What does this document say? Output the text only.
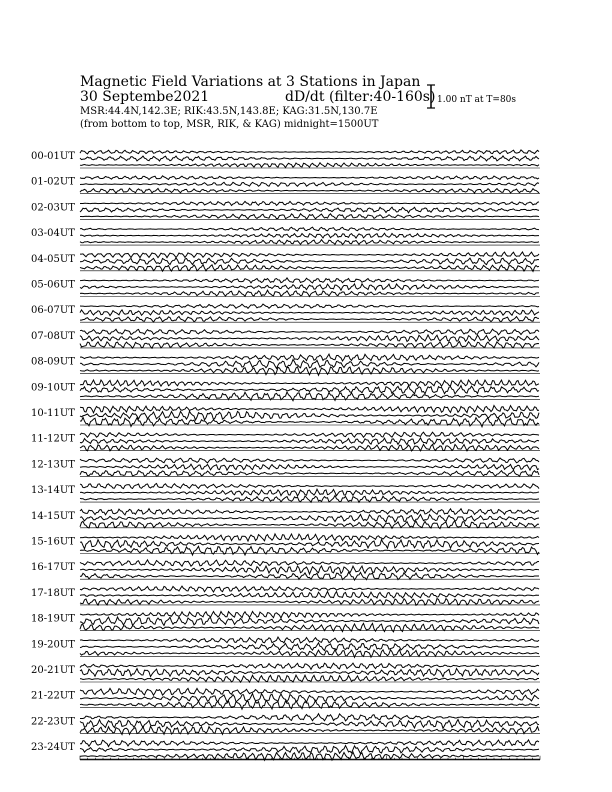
Magnetic Field Variations at 3 Stations in Japan
30 Septembe2021	dD/dt (filter:40-160s)
MSR:44.4N,142.3E; RIK:43.5N,143.8E; KAG:31.5N,130.7E
(from bottom to top, MSR, RIK, & KAG) midnight=1500UT
1.00 nT at T=80s
00-01UT
01-02UT
02-03UT
03-04UT
04-05UT
05-06UT
06-07UT
07-08UT
08-09UT
09-10UT
10-11UT
11-12UT
12-13UT
13-14UT
14-15UT
15-16UT
16-17UT
17-18UT
18-19UT
19-20UT
20-21UT
21-22UT
22-23UT
23-24UT
